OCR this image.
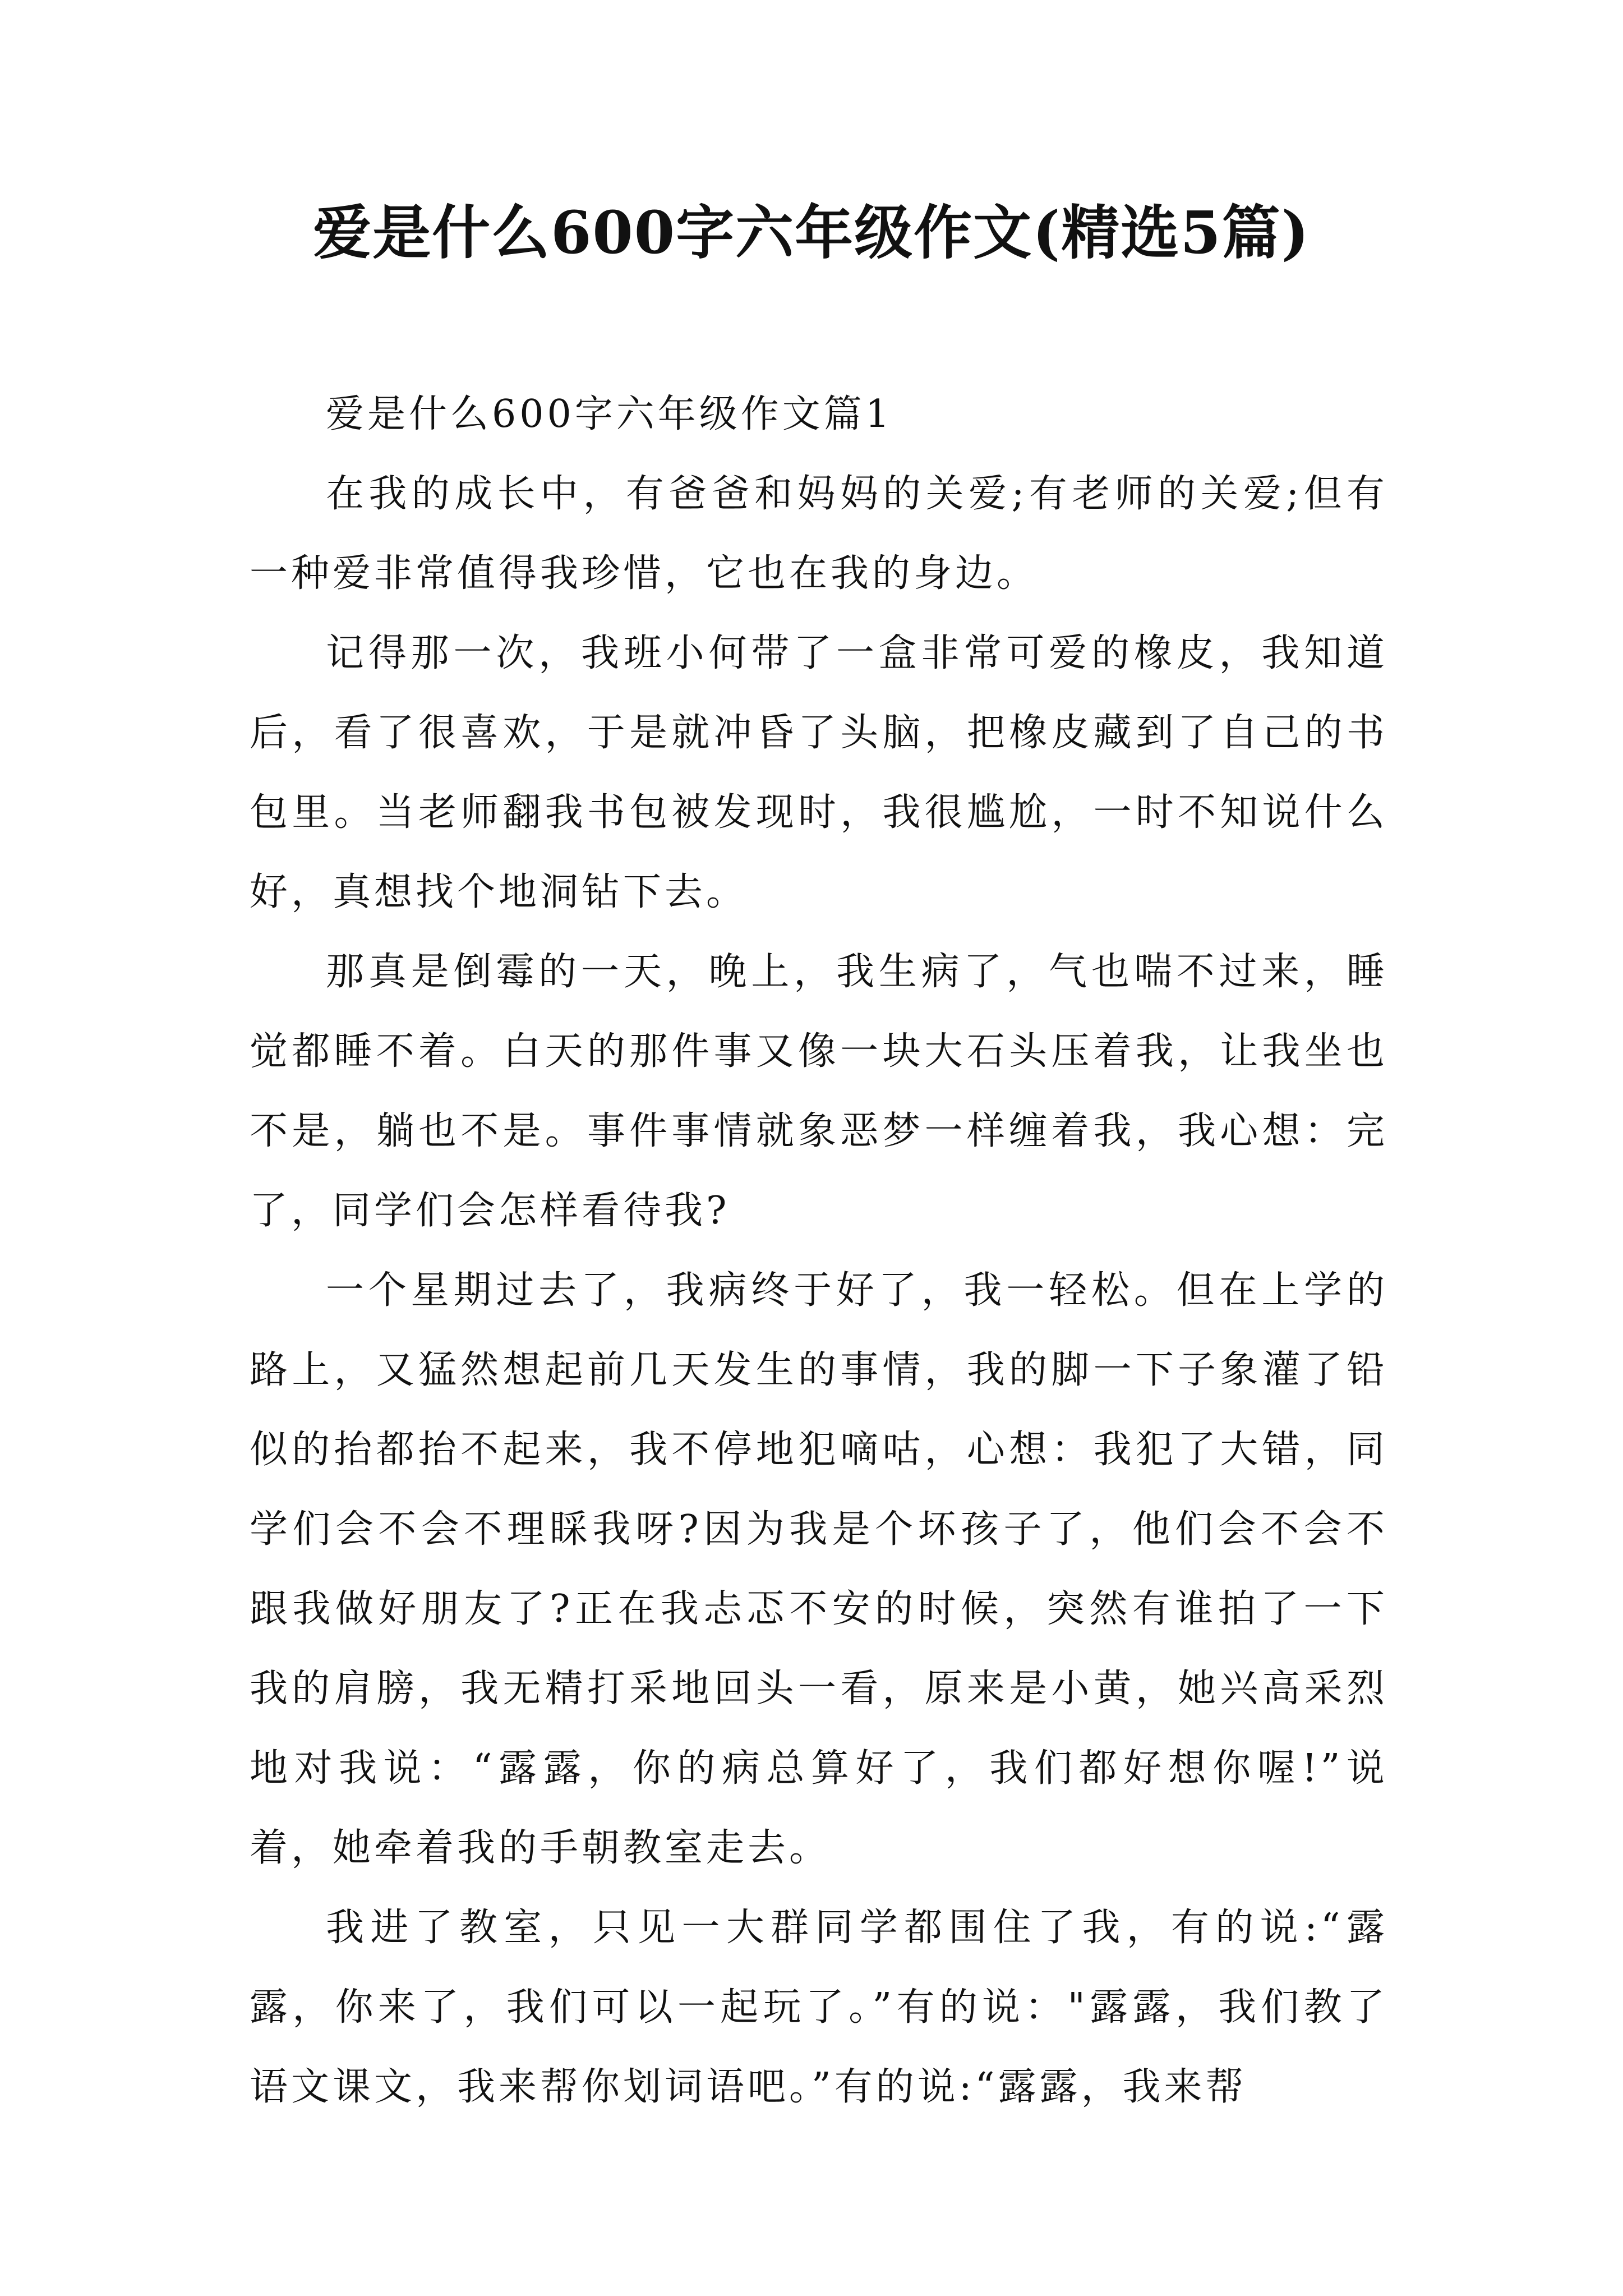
爱是什么600字六年级作文(精选5篇)

爱是什么600字六年级作文篇1

在我的成长中，有爸爸和妈妈的关爱;有老师的关爱;但有一种爱非常值得我珍惜，它也在我的身边。

记得那一次，我班小何带了一盒非常可爱的橡皮，我知道后，看了很喜欢，于是就冲昏了头脑，把橡皮藏到了自己的书包里。当老师翻我书包被发现时，我很尴尬，一时不知说什么好，真想找个地洞钻下去。

那真是倒霉的一天，晚上，我生病了，气也喘不过来，睡觉都睡不着。白天的那件事又像一块大石头压着我，让我坐也不是，躺也不是。事件事情就象恶梦一样缠着我，我心想：完了，同学们会怎样看待我?

一个星期过去了，我病终于好了，我一轻松。但在上学的路上，又猛然想起前几天发生的事情，我的脚一下子象灌了铅似的抬都抬不起来，我不停地犯嘀咕，心想：我犯了大错，同学们会不会不理睬我呀?因为我是个坏孩子了，他们会不会不跟我做好朋友了?正在我忐忑不安的时候，突然有谁拍了一下我的肩膀，我无精打采地回头一看，原来是小黄，她兴高采烈地对我说：“露露，你的病总算好了，我们都好想你喔!”说着，她牵着我的手朝教室走去。

我进了教室，只见一大群同学都围住了我，有的说:“露露，你来了，我们可以一起玩了。”有的说："露露，我们教了语文课文，我来帮你划词语吧。”有的说:“露露，我来帮
